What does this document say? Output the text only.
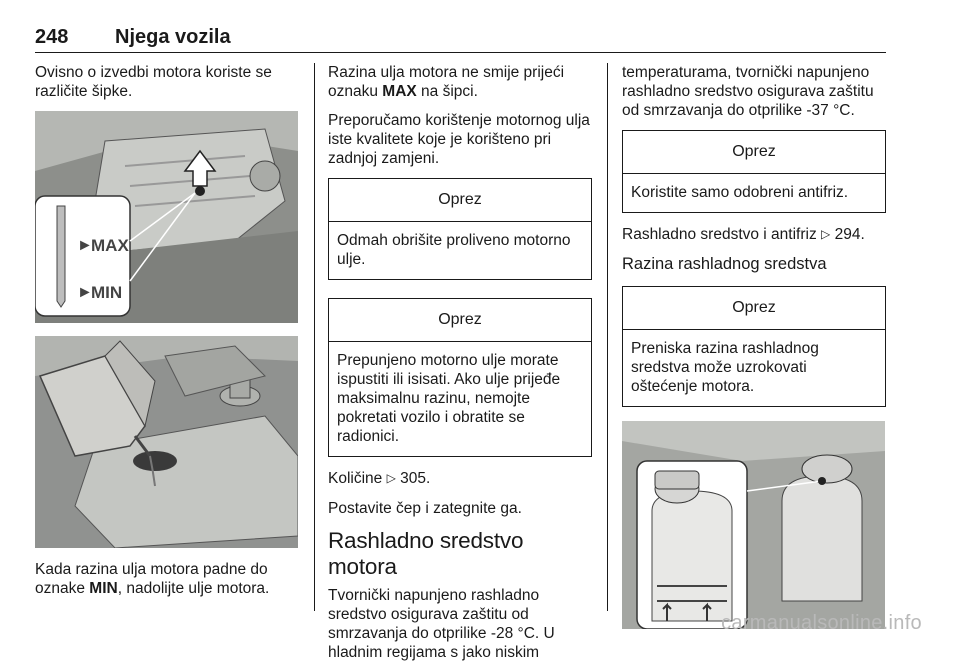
248 Njega vozila

Ovisno o izvedbi motora koriste se različite šipke.

►
►
MAX
MIN

Kada razina ulja motora padne do oznake MIN, nadolijte ulje motora.

Razina ulja motora ne smije prijeći oznaku MAX na šipci.

Preporučamo korištenje motornog ulja iste kvalitete koje je korišteno pri zadnjoj zamjeni.

Oprez
Odmah obrišite proliveno motorno ulje.
Oprez
Prepunjeno motorno ulje morate ispustiti ili isisati. Ako ulje prijeđe maksimalnu razinu, nemojte pokretati vozilo i obratite se radionici.

Količine ▷ 305.

Postavite čep i zategnite ga.

Rashladno sredstvo motora

Tvornički napunjeno rashladno sredstvo osigurava zaštitu od smrzavanja do otprilike -28 °C. U hladnim regijama s jako niskim

temperaturama, tvornički napunjeno rashladno sredstvo osigurava zaštitu od smrzavanja do otprilike -37 °C.

Oprez
Koristite samo odobreni antifriz.

Rashladno sredstvo i antifriz ▷ 294.

Razina rashladnog sredstva
Oprez
Preniska razina rashladnog sredstva može uzrokovati oštećenje motora.
carmanualsonline.info
